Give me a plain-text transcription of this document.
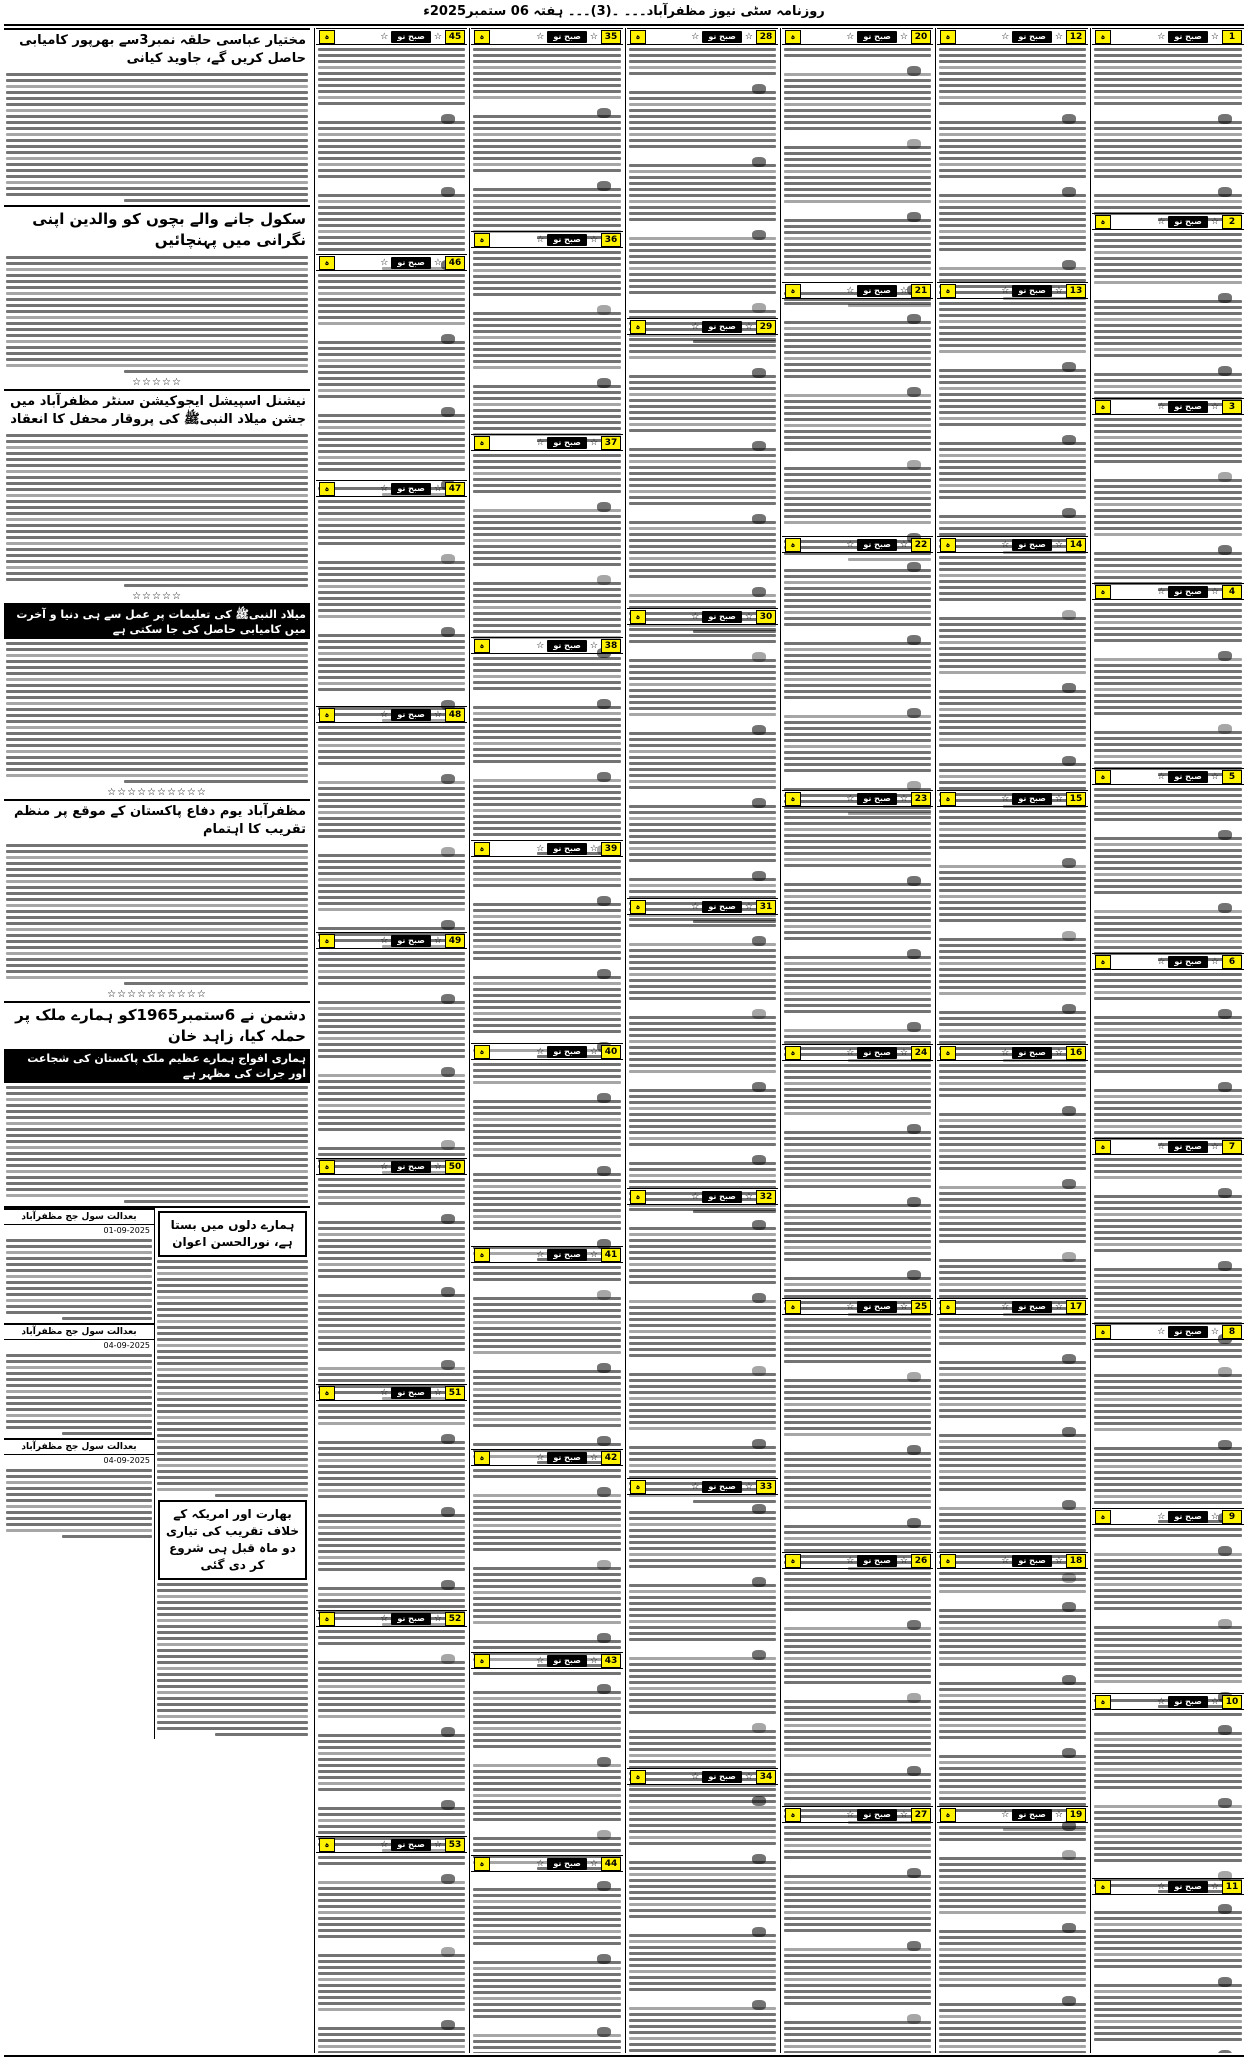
روزنامہ سٹی نیوز مظفرآباد۔۔۔ ۔(3)۔۔۔ ہفتہ 06 ستمبر2025ء
1
☆
صبح نو
☆
ہ
2
☆
صبح نو
☆
ہ
3
☆
صبح نو
☆
ہ
4
☆
صبح نو
☆
ہ
5
☆
صبح نو
☆
ہ
6
☆
صبح نو
☆
ہ
7
☆
صبح نو
☆
ہ
8
☆
صبح نو
☆
ہ
9
☆
صبح نو
☆
ہ
10
☆
صبح نو
☆
ہ
11
☆
صبح نو
☆
ہ
12
☆
صبح نو
☆
ہ
13
☆
صبح نو
☆
ہ
14
☆
صبح نو
☆
ہ
15
☆
صبح نو
☆
ہ
16
☆
صبح نو
☆
ہ
17
☆
صبح نو
☆
ہ
18
☆
صبح نو
☆
ہ
19
☆
صبح نو
☆
ہ
20
☆
صبح نو
☆
ہ
21
☆
صبح نو
☆
ہ
22
☆
صبح نو
☆
ہ
23
☆
صبح نو
☆
ہ
24
☆
صبح نو
☆
ہ
25
☆
صبح نو
☆
ہ
26
☆
صبح نو
☆
ہ
27
☆
صبح نو
☆
ہ
28
☆
صبح نو
☆
ہ
29
☆
صبح نو
☆
ہ
30
☆
صبح نو
☆
ہ
31
☆
صبح نو
☆
ہ
32
☆
صبح نو
☆
ہ
33
☆
صبح نو
☆
ہ
34
☆
صبح نو
☆
ہ
35
☆
صبح نو
☆
ہ
36
☆
صبح نو
☆
ہ
37
☆
صبح نو
☆
ہ
38
☆
صبح نو
☆
ہ
39
☆
صبح نو
☆
ہ
40
☆
صبح نو
☆
ہ
41
☆
صبح نو
☆
ہ
42
☆
صبح نو
☆
ہ
43
☆
صبح نو
☆
ہ
44
☆
صبح نو
☆
ہ
45
☆
صبح نو
☆
ہ
46
☆
صبح نو
☆
ہ
47
☆
صبح نو
☆
ہ
48
☆
صبح نو
☆
ہ
49
☆
صبح نو
☆
ہ
50
☆
صبح نو
☆
ہ
51
☆
صبح نو
☆
ہ
52
☆
صبح نو
☆
ہ
53
☆
صبح نو
☆
ہ
مختیار عباسی حلقہ نمبر3سے بھرپور کامیابی حاصل کریں گے، جاوید کیانی
سکول جانے والے بچوں کو والدین اپنی نگرانی میں پہنچائیں
☆☆☆☆☆
نیشنل اسپیشل ایجوکیشن سنٹر مظفرآباد میں جشن میلاد النبیﷺ کی پروقار محفل کا انعقاد
☆☆☆☆☆
میلاد النبیﷺ کی تعلیمات پر عمل سے ہی دنیا و آخرت میں کامیابی حاصل کی جا سکتی ہے
☆☆☆☆☆☆☆☆☆☆
مظفرآباد یوم دفاع پاکستان کے موقع پر منظم تقریب کا اہتمام
☆☆☆☆☆☆☆☆☆☆
دشمن نے 6ستمبر1965کو ہمارے ملک پر حملہ کیا، زاہد خان
ہماری افواج ہمارے عظیم ملک پاکستان کی شجاعت اور جرات کی مظہر ہے
بعدالت سول جج مظفرآباد
01-09-2025
بعدالت سول جج مظفرآباد
04-09-2025
بعدالت سول جج مظفرآباد
04-09-2025
ہمارے دلوں میں بستا ہے، نورالحسن اعوان
بھارت اور امریکہ کے خلاف تقریب کی تیاری دو ماہ قبل ہی شروع کر دی گئی
